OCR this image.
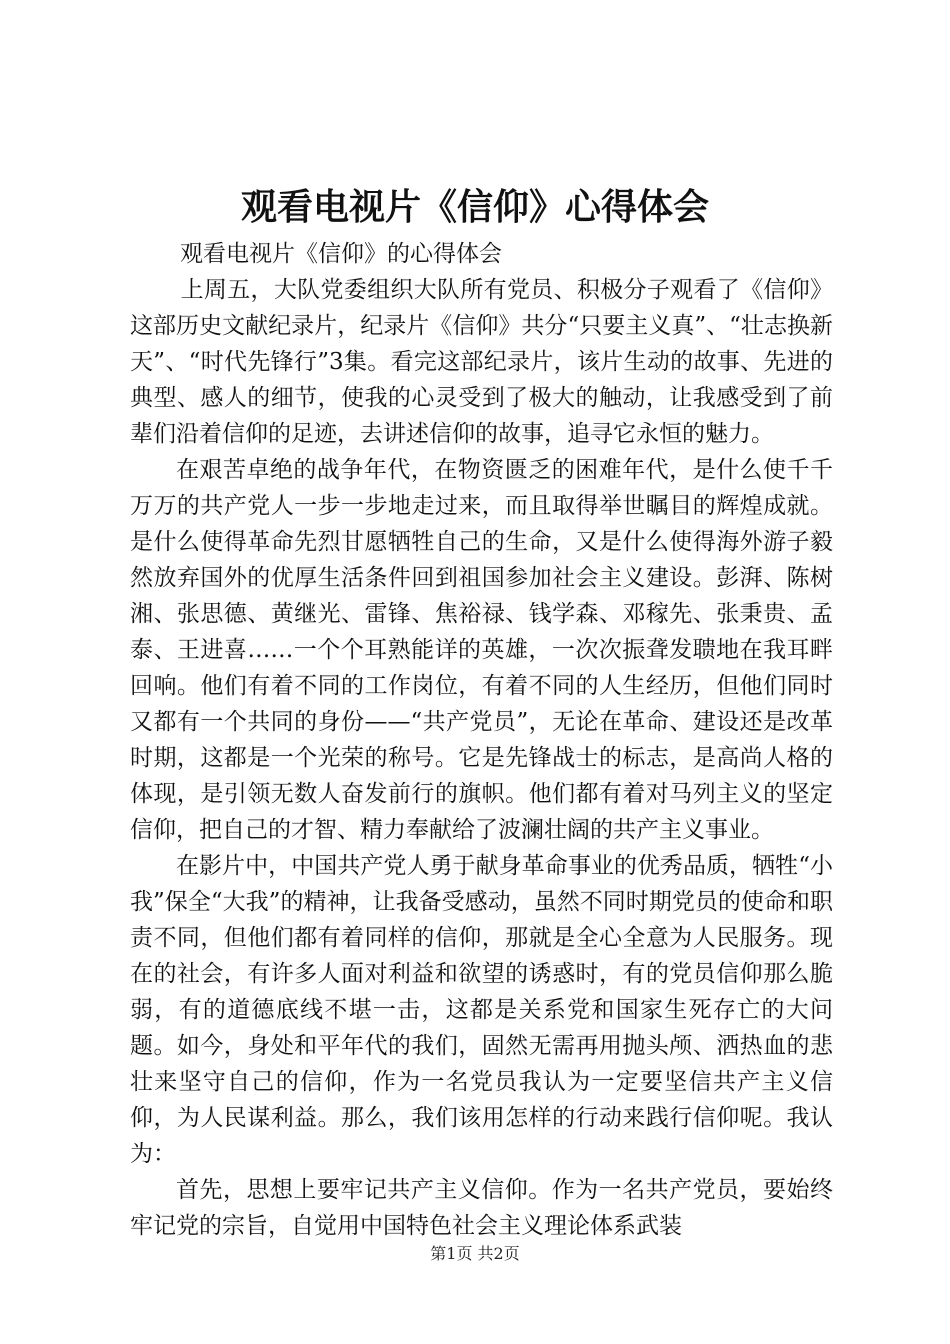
观看电视片《信仰》心得体会

观看电视片《信仰》的心得体会

上周五，大队党委组织大队所有党员、积极分子观看了《信仰》这部历史文献纪录片，纪录片《信仰》共分“只要主义真”、“壮志换新天”、“时代先锋行”3集。看完这部纪录片，该片生动的故事、先进的典型、感人的细节，使我的心灵受到了极大的触动，让我感受到了前辈们沿着信仰的足迹，去讲述信仰的故事，追寻它永恒的魅力。

在艰苦卓绝的战争年代，在物资匮乏的困难年代，是什么使千千万万的共产党人一步一步地走过来，而且取得举世瞩目的辉煌成就。是什么使得革命先烈甘愿牺牲自己的生命，又是什么使得海外游子毅然放弃国外的优厚生活条件回到祖国参加社会主义建设。彭湃、陈树湘、张思德、黄继光、雷锋、焦裕禄、钱学森、邓稼先、张秉贵、孟泰、王进喜……一个个耳熟能详的英雄，一次次振聋发聩地在我耳畔回响。他们有着不同的工作岗位，有着不同的人生经历，但他们同时又都有一个共同的身份——“共产党员”，无论在革命、建设还是改革时期，这都是一个光荣的称号。它是先锋战士的标志，是高尚人格的体现，是引领无数人奋发前行的旗帜。他们都有着对马列主义的坚定信仰，把自己的才智、精力奉献给了波澜壮阔的共产主义事业。

在影片中，中国共产党人勇于献身革命事业的优秀品质，牺牲“小我”保全“大我”的精神，让我备受感动，虽然不同时期党员的使命和职责不同，但他们都有着同样的信仰，那就是全心全意为人民服务。现在的社会，有许多人面对利益和欲望的诱惑时，有的党员信仰那么脆弱，有的道德底线不堪一击，这都是关系党和国家生死存亡的大问题。如今，身处和平年代的我们，固然无需再用抛头颅、洒热血的悲壮来坚守自己的信仰，作为一名党员我认为一定要坚信共产主义信仰，为人民谋利益。那么，我们该用怎样的行动来践行信仰呢。我认为：

首先，思想上要牢记共产主义信仰。作为一名共产党员，要始终牢记党的宗旨，自觉用中国特色社会主义理论体系武装

第1页 共2页
